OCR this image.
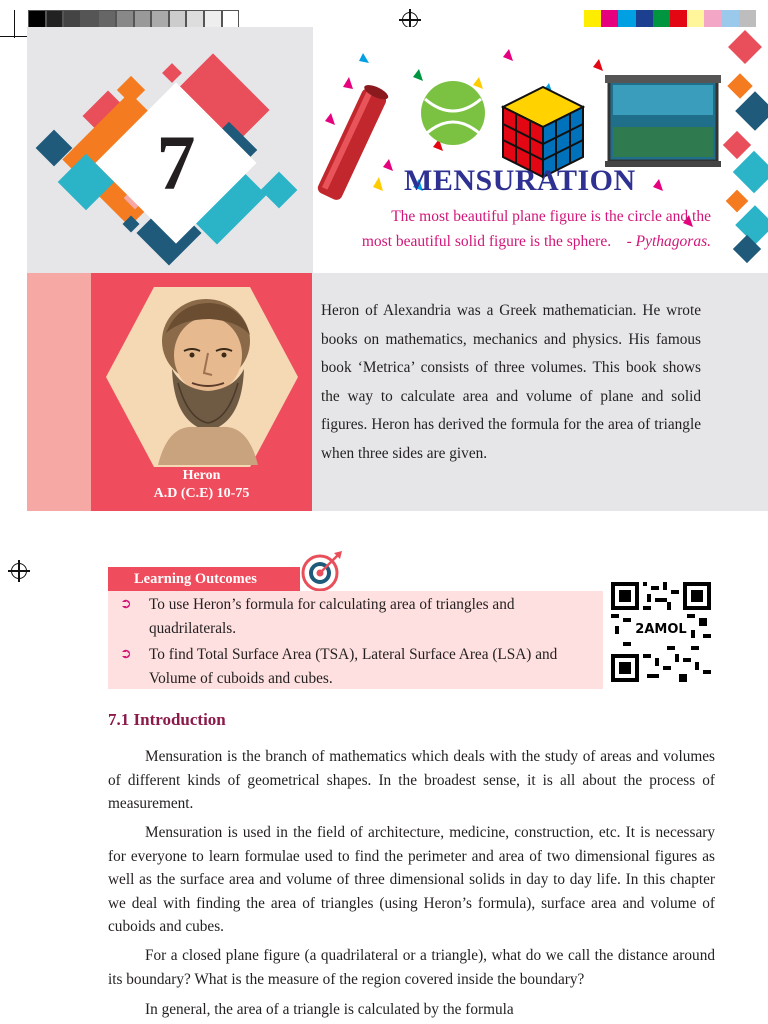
7	MENSURATION
The most beautiful plane figure is the circle and the
most beautiful solid figure is the sphere. - Pythagoras.
Heron
A.D (C.E) 10-75
Heron of Alexandria was a Greek mathematician. He wrote books on mathematics, mechanics and physics. His famous book ‘Metrica’ consists of three volumes. This book shows the way to calculate area and volume of plane and solid figures. Heron has derived the formula for the area of triangle when three sides are given.
Learning Outcomes
➲	To use Heron’s formula for calculating area of triangles and quadrilaterals.
➲	To find Total Surface Area (TSA), Lateral Surface Area (LSA) and Volume of cuboids and cubes.
2AMOL
7.1 Introduction

Mensuration is the branch of mathematics which deals with the study of areas and volumes of different kinds of geometrical shapes. In the broadest sense, it is all about the process of measurement.

Mensuration is used in the field of architecture, medicine, construction, etc. It is necessary for everyone to learn formulae used to find the perimeter and area of two dimensional figures as well as the surface area and volume of three dimensional solids in day to day life. In this chapter we deal with finding the area of triangles (using Heron’s formula), surface area and volume of cuboids and cubes.

For a closed plane figure (a quadrilateral or a triangle), what do we call the distance around its boundary? What is the measure of the region covered inside the boundary?

In general, the area of a triangle is calculated by the formula
